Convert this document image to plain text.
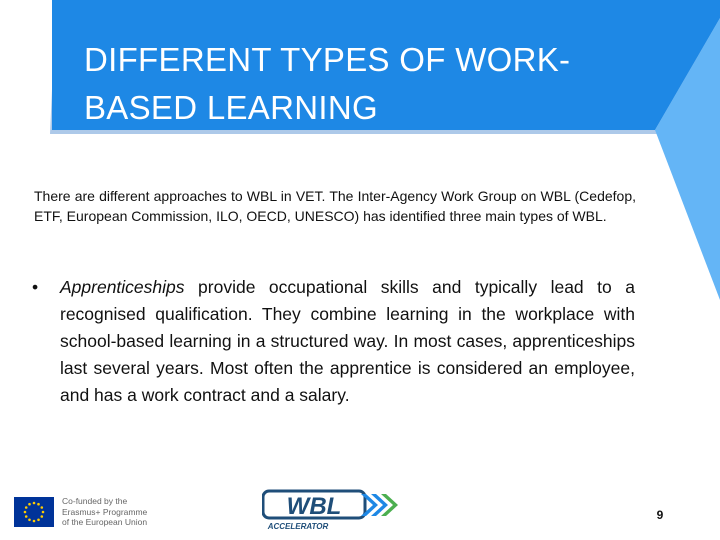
DIFFERENT TYPES OF WORK-
BASED LEARNING
There are different approaches to WBL in VET. The Inter-Agency Work Group on WBL (Cedefop, ETF, European Commission, ILO, OECD, UNESCO) has identified three main types of WBL.
• Apprenticeships provide occupational skills and typically lead to a recognised qualification. They combine learning in the workplace with school-based learning in a structured way. In most cases, apprenticeships last several years. Most often the apprentice is considered an employee, and has a work contract and a salary.
Co-funded by the
Erasmus+ Programme
of the European Union
WBL
ACCELERATOR
9
